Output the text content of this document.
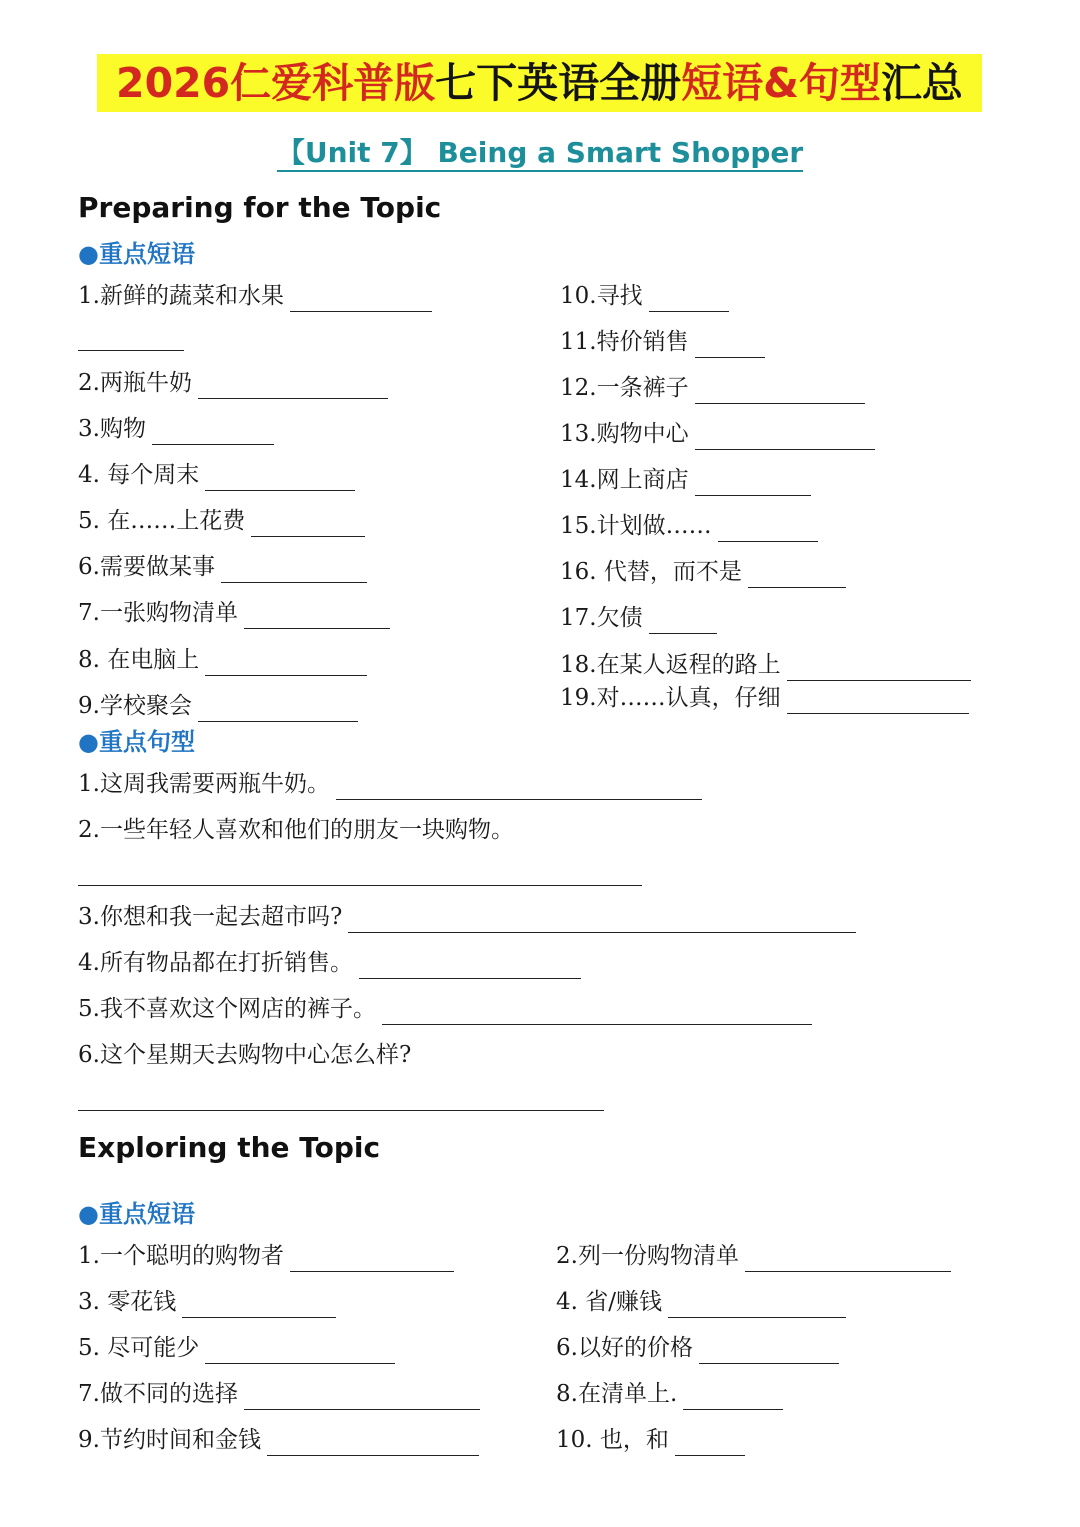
2026仁爱科普版七下英语全册短语&句型汇总
【Unit 7】 Being a Smart Shopper
Preparing for the Topic
●重点短语
1.新鲜的蔬菜和水果
2.两瓶牛奶
3.购物
4. 每个周末
5. 在……上花费
6.需要做某事
7.一张购物清单
8. 在电脑上
9.学校聚会
10.寻找
11.特价销售
12.一条裤子
13.购物中心
14.网上商店
15.计划做……
16. 代替，而不是
17.欠债
18.在某人返程的路上
19.对……认真，仔细
●重点句型
1.这周我需要两瓶牛奶。
2.一些年轻人喜欢和他们的朋友一块购物。
3.你想和我一起去超市吗?
4.所有物品都在打折销售。
5.我不喜欢这个网店的裤子。
6.这个星期天去购物中心怎么样?
Exploring the Topic
●重点短语
1.一个聪明的购物者
3. 零花钱
5. 尽可能少
7.做不同的选择
9.节约时间和金钱
2.列一份购物清单
4. 省/赚钱
6.以好的价格
8.在清单上.
10. 也，和
